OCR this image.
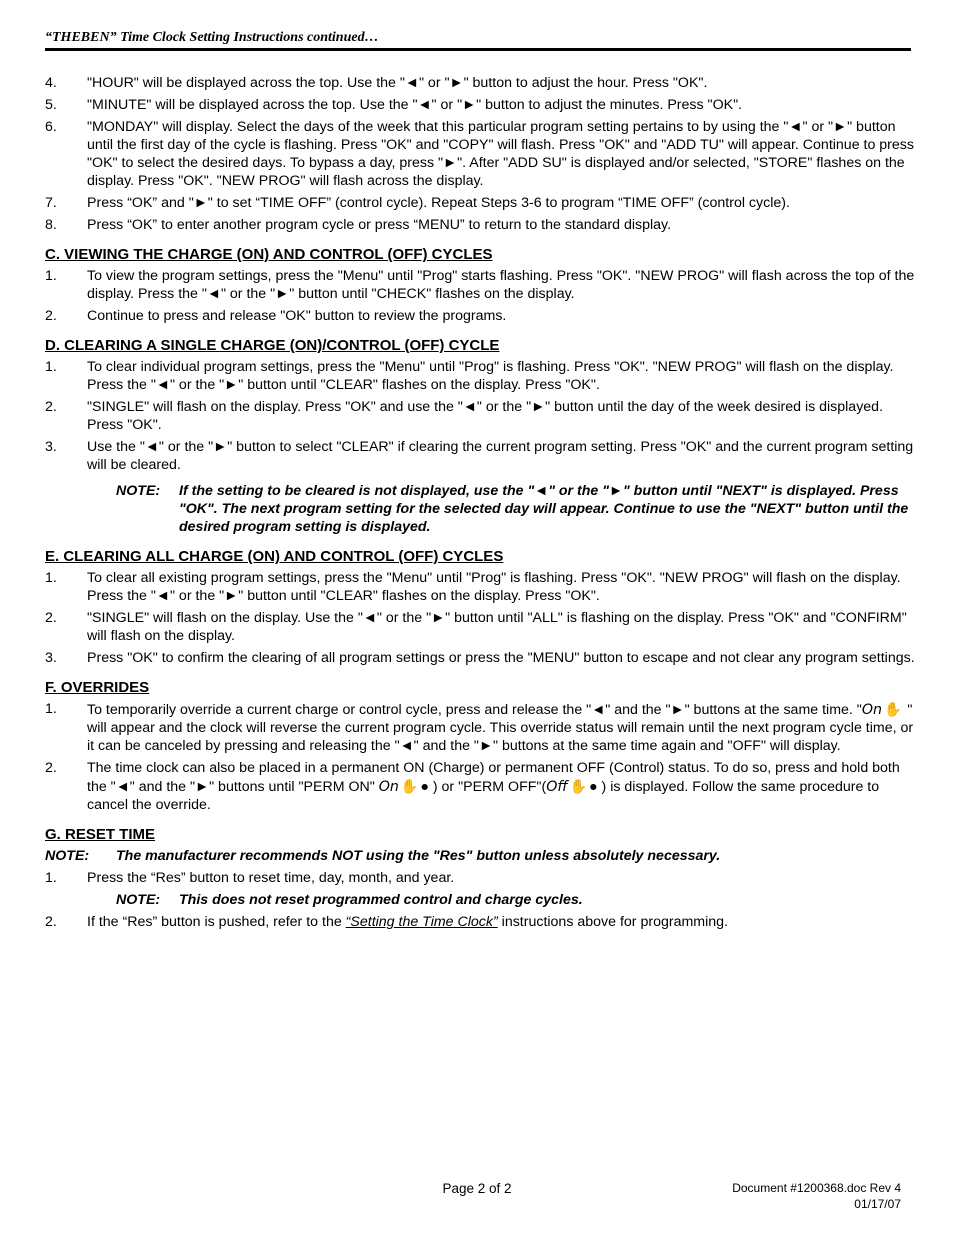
“THEBEN” Time Clock Setting Instructions continued…
4. "HOUR" will be displayed across the top. Use the "◄" or "►" button to adjust the hour. Press "OK".
5. "MINUTE" will be displayed across the top. Use the "◄" or "►" button to adjust the minutes. Press "OK".
6. "MONDAY" will display. Select the days of the week that this particular program setting pertains to by using the "◄" or "►" button until the first day of the cycle is flashing. Press "OK" and "COPY" will flash. Press "OK" and "ADD TU" will appear. Continue to press "OK" to select the desired days. To bypass a day, press "►". After "ADD SU" is displayed and/or selected, "STORE" flashes on the display. Press "OK". "NEW PROG" will flash across the display.
7. Press “OK” and "►" to set “TIME OFF” (control cycle). Repeat Steps 3-6 to program “TIME OFF” (control cycle).
8. Press “OK” to enter another program cycle or press “MENU” to return to the standard display.
C. VIEWING THE CHARGE (ON) AND CONTROL (OFF) CYCLES
1. To view the program settings, press the "Menu" until "Prog" starts flashing. Press "OK". "NEW PROG" will flash across the top of the display. Press the "◄" or the "►" button until "CHECK" flashes on the display.
2. Continue to press and release "OK" button to review the programs.
D. CLEARING A SINGLE CHARGE (ON)/CONTROL (OFF) CYCLE
1. To clear individual program settings, press the "Menu" until "Prog" is flashing. Press "OK". "NEW PROG" will flash on the display. Press the "◄" or the "►" button until "CLEAR" flashes on the display. Press "OK".
2. "SINGLE" will flash on the display. Press "OK" and use the "◄" or the "►" button until the day of the week desired is displayed. Press "OK".
3. Use the "◄" or the "►" button to select "CLEAR" if clearing the current program setting. Press "OK" and the current program setting will be cleared.
NOTE: If the setting to be cleared is not displayed, use the "◄" or the "►" button until "NEXT" is displayed. Press "OK". The next program setting for the selected day will appear. Continue to use the "NEXT" button until the desired program setting is displayed.
E. CLEARING ALL CHARGE (ON) AND CONTROL (OFF) CYCLES
1. To clear all existing program settings, press the "Menu" until "Prog" is flashing. Press "OK". "NEW PROG" will flash on the display. Press the "◄" or the "►" button until "CLEAR" flashes on the display. Press "OK".
2. "SINGLE" will flash on the display. Use the "◄" or the "►" button until "ALL" is flashing on the display. Press "OK" and "CONFIRM" will flash on the display.
3. Press "OK" to confirm the clearing of all program settings or press the "MENU" button to escape and not clear any program settings.
F. OVERRIDES
1. To temporarily override a current charge or control cycle, press and release the "◄" and the "►" buttons at the same time. "On ✋ " will appear and the clock will reverse the current program cycle. This override status will remain until the next program cycle time, or it can be canceled by pressing and releasing the "◄" and the "►" buttons at the same time again and "OFF" will display.
2. The time clock can also be placed in a permanent ON (Charge) or permanent OFF (Control) status. To do so, press and hold both the "◄" and the "►" buttons until "PERM ON" On ✋ ● ) or "PERM OFF"(Off ✋ ● ) is displayed. Follow the same procedure to cancel the override.
G. RESET TIME
NOTE: The manufacturer recommends NOT using the "Res" button unless absolutely necessary.
1. Press the “Res” button to reset time, day, month, and year.
NOTE: This does not reset programmed control and charge cycles.
2. If the “Res” button is pushed, refer to the “Setting the Time Clock” instructions above for programming.
Page 2 of 2	Document #1200368.doc Rev 4
01/17/07
